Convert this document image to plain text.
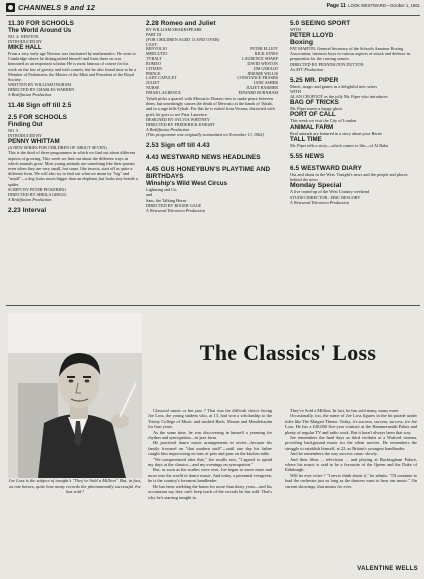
Page 11 LOOK WESTWARD—October 1, 1961
CHANNELS 9 and 12
11.30 FOR SCHOOLS
The World Around Us
NO. 4: NEWTON
INTRODUCED BY
MIKE HALL
From a very early age Newton was fascinated by mathematics. He went to Cambridge where he distinguished himself and from there on was honoured as an important scholar. He is most famous of course for his work on the law of gravity and with comets, but he also found time to be a Member of Parliament, the Master of the Mint and President of the Royal Society.
WRITTEN BY WILLIAM INGRAM
DIRECTED BY CHARLES WARREN
A Rediffusion Production
11.48 Sign off till 2.5
2.5 FOR SCHOOLS
Finding Out
NO. 5
INTRODUCED BY
PENNY WHITTAM
(A NEW SERIES FOR CHILDREN OF ABOUT SEVEN)
This is the third of three programmes in which we find out about different aspects of growing. This week we find out about the different ways in which animals grow. Most young animals are something like their parents even when they are very small, but some, like insects, start off as quite a different form. We will also try to find out what we mean by "big" and "small"—a dog looks much bigger than an elephant, but looks tiny beside a spider.
SCRIPT BY PETER PICKERING
DIRECTED BY SHEILA GREGG
A Rediffusion Production
2.23 Interval
2.28 Romeo and Juliet
BY WILLIAM SHAKESPEARE
PART III
(FOR CHILDREN AGED 13 AND OVER)
CAST:
BENVOLIO	PETER ELLIOT
MERCUTIO	RICK JONES
TYBALT	LAURENCE SHARP
ROMEO	DAVID WESTON
CITIZEN	JIM GERALD
PRINCE	JEROME WILLIS
LADY CAPULET	CONSTANCE FRASER
JULIET	JANE ASHER
NURSE	JULIET HARMER
FRIAR LAURENCE	EDWARD BURNHAM
Tybalt picks a quarrel with Mercutio; Romeo tries to make peace between them, but unwittingly causes the death of Mercutio at the hands of Tybalt, and in a rage kills Tybalt. For this he is exiled from Verona; distracted with grief, he goes to see Friar Laurence.
DESIGNED BY SYLVIA WHITNEY
DIRECTED BY FREDERICK KNIGHT
A Rediffusion Production
(This programme was originally transmitted on November 13, 1962)
2.53 Sign off till 4.43
4.43 WESTWARD NEWS HEADLINES
4.45 GUS HONEYBUN'S PLAYTIME AND BIRTHDAYS
Winship's Wild West Circus
Lightning and Co.
and
Sam, the Talking Horse
DIRECTED BY ROGER GAGE
A Westward Television Production
5.0 SEEING SPORT
WITH
PETER LLOYD
Boxing
PAT MARTIN, General Secretary of the Schools Amateur Boxing Association, instructs boys in various aspects of attack and defence in preparation for the coming season.
DIRECTED BY PENNINGTON DUTTON
An ATV Production
5.25 MR. PIPER
Music, magic and games in a delightful new series
WITH
ALAN CROFOOT as the jolly Mr. Piper who introduces
BAG OF TRICKS
Mr. Piper meets a happy ghost
PORT OF CALL
This week we visit the City of London
ANIMAL FARM
Real animals are featured in a story about poor Bertie
TALL TIME
Mr. Piper tells a story—which comes to life—of Al Baba
5.55 NEWS
6.5 WESTWARD DIARY
Out and about in the West. Tonight's news and the people and places behind the news
Monday Special
A live round-up of the West Country weekend
STUDIO DIRECTOR : ERIC BESCOBY
A Westward Television Production
Joe Loss is the subject of tonight's "They've Sold a Million". But, in fact, as one knows, quite how many records the phenomenally successful Joe has sold !
The Classics' Loss

Classical music or hot jazz ? That was the difficult choice facing Joe Loss, the young student who, at 13, had won a scholarship to the Trinity College of Music and studied Bach, Mozart and Mendelssohn for four years.

As the same time, he was discovering in himself a yearning for rhythm and syncopation—in jazz form.

He practised dance music arrangements in secret—because his family frowned on "that modern stuff"—until one day his father caught him improvising on tons of pots and pans on the kitchen table.

"We compromised after that," Joe recalls now. "I agreed to spend my days at the classics—and my evenings on syncopation."

But, as soon as his studies were over, Joe began to move more and more into the world of dance music. And today, a perennial evergreen, he is the country's foremost bandleader.

He has been wielding the baton for more than thirty years—and his accountant say they can't keep track of the records he has sold. That's why he's starring tonight in

They've Sold a Million. In fact, he has sold many, many more.

Occasionally, too, the name of Joe Loss figures in the hit parade under titles like The Maigret Theme. Today, it's success, success, success, for Joe Loss. He has a £20,000 five-year contract at the Hammersmith Palais and plenty of regular TV and radio work. But it hasn't always been that way.

Joe remembers the hard days as third violinist at a Watford cinema, providing background music for the silent movies. He remembers the struggle to establish himself, at 22, as Britain's youngest bandleader.

And he remembers the way success came: slowly.

And then films ... television ... and playing at Buckingham Palace, where his music is said to be a favourite of the Queen and the Duke of Edinburgh.

Will he ever retire ? "I never think about it," he admits. "I'll continue to lead the orchestra just as long as the dancers want to hear our music." On current showings, that means for ever.

VALENTINE WELLS
